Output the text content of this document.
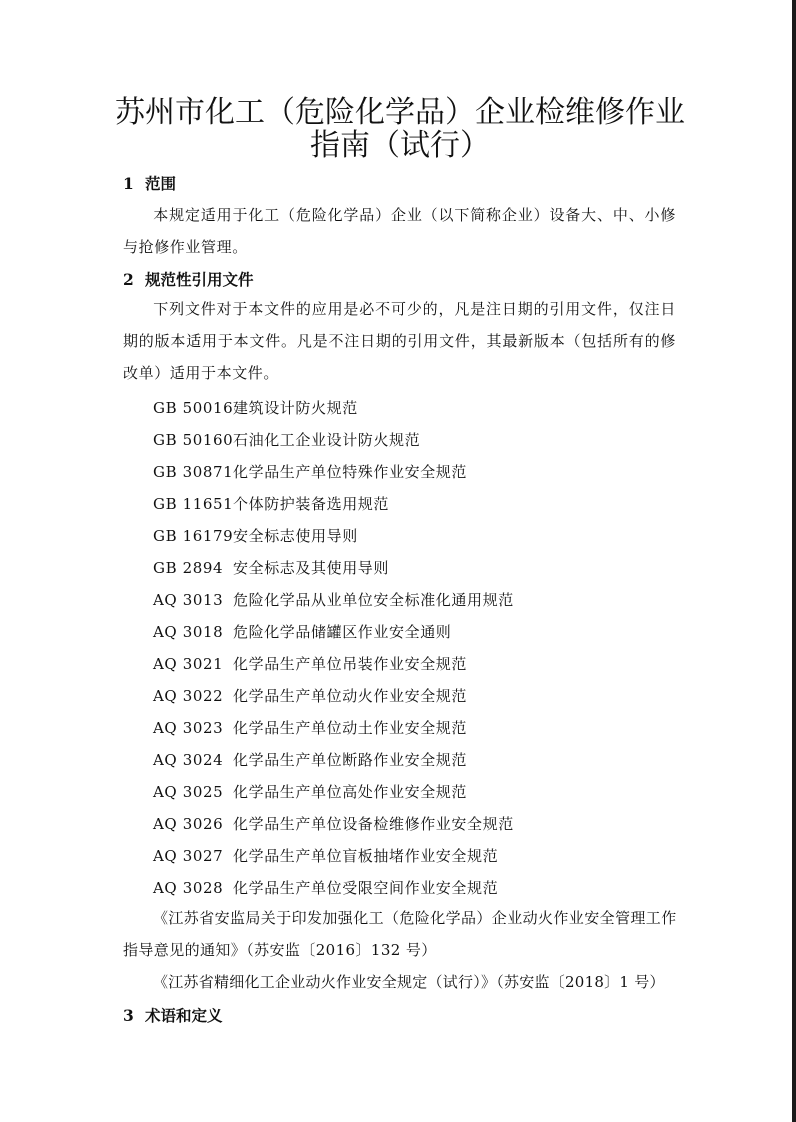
苏州市化工（危险化学品）企业检维修作业
指南（试行）
1 范围
本规定适用于化工（危险化学品）企业（以下简称企业）设备大、中、小修与抢修作业管理。
2 规范性引用文件
下列文件对于本文件的应用是必不可少的，凡是注日期的引用文件，仅注日期的版本适用于本文件。凡是不注日期的引用文件，其最新版本（包括所有的修改单）适用于本文件。
GB 50016建筑设计防火规范
GB 50160石油化工企业设计防火规范
GB 30871化学品生产单位特殊作业安全规范
GB 11651个体防护装备选用规范
GB 16179安全标志使用导则
GB 2894 安全标志及其使用导则
AQ 3013 危险化学品从业单位安全标准化通用规范
AQ 3018 危险化学品储罐区作业安全通则
AQ 3021 化学品生产单位吊装作业安全规范
AQ 3022 化学品生产单位动火作业安全规范
AQ 3023 化学品生产单位动土作业安全规范
AQ 3024 化学品生产单位断路作业安全规范
AQ 3025 化学品生产单位高处作业安全规范
AQ 3026 化学品生产单位设备检维修作业安全规范
AQ 3027 化学品生产单位盲板抽堵作业安全规范
AQ 3028 化学品生产单位受限空间作业安全规范
《江苏省安监局关于印发加强化工（危险化学品）企业动火作业安全管理工作指导意见的通知》（苏安监〔2016〕132 号）
《江苏省精细化工企业动火作业安全规定（试行）》（苏安监〔2018〕1 号）
3 术语和定义
